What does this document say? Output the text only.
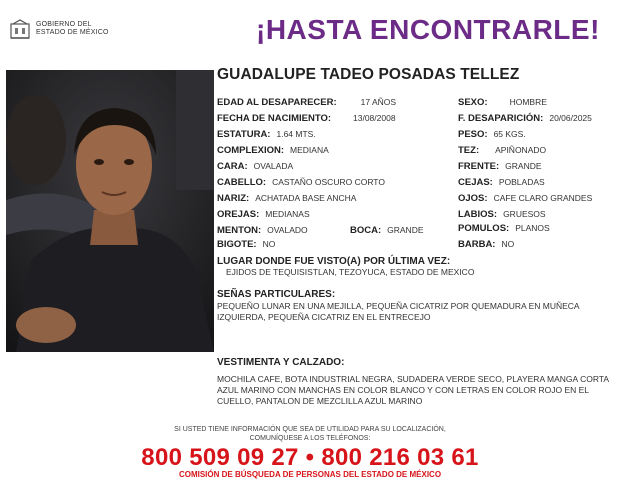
GOBIERNO DEL
ESTADO DE MÉXICO	¡HASTA ENCONTRARLE!
GUADALUPE TADEO POSADAS TELLEZ
EDAD AL DESAPARECER:	17 AÑOS
FECHA DE NACIMIENTO:	13/08/2008
ESTATURA: 1.64 MTS.
COMPLEXION: MEDIANA
CARA: OVALADA
CABELLO: CASTAÑO OSCURO CORTO
NARIZ: ACHATADA BASE ANCHA
OREJAS: MEDIANAS
MENTON: OVALADO	BOCA: GRANDE
BIGOTE: NO
SEXO:	HOMBRE
F. DESAPARICIÓN: 20/06/2025
PESO: 65 KGS.
TEZ: APIÑONADO
FRENTE: GRANDE
CEJAS: POBLADAS
OJOS: CAFE CLARO GRANDES
LABIOS: GRUESOS
POMULOS: PLANOS
BARBA: NO
LUGAR DONDE FUE VISTO(A) POR ÚLTIMA VEZ:
EJIDOS DE TEQUISISTLAN, TEZOYUCA, ESTADO DE MEXICO
SEÑAS PARTICULARES:
PEQUEÑO LUNAR EN UNA MEJILLA, PEQUEÑA CICATRIZ POR QUEMADURA EN MUÑECA IZQUIERDA, PEQUEÑA CICATRIZ EN EL ENTRECEJO
VESTIMENTA Y CALZADO:
MOCHILA CAFE, BOTA INDUSTRIAL NEGRA, SUDADERA VERDE SECO, PLAYERA MANGA CORTA AZUL MARINO CON MANCHAS EN COLOR BLANCO Y CON LETRAS EN COLOR ROJO EN EL CUELLO, PANTALON DE MEZCLILLA AZUL MARINO
SI USTED TIENE INFORMACIÓN QUE SEA DE UTILIDAD PARA SU LOCALIZACIÓN,
COMUNÍQUESE A LOS TELÉFONOS:
800 509 09 27 • 800 216 03 61
COMISIÓN DE BÚSQUEDA DE PERSONAS DEL ESTADO DE MÉXICO
